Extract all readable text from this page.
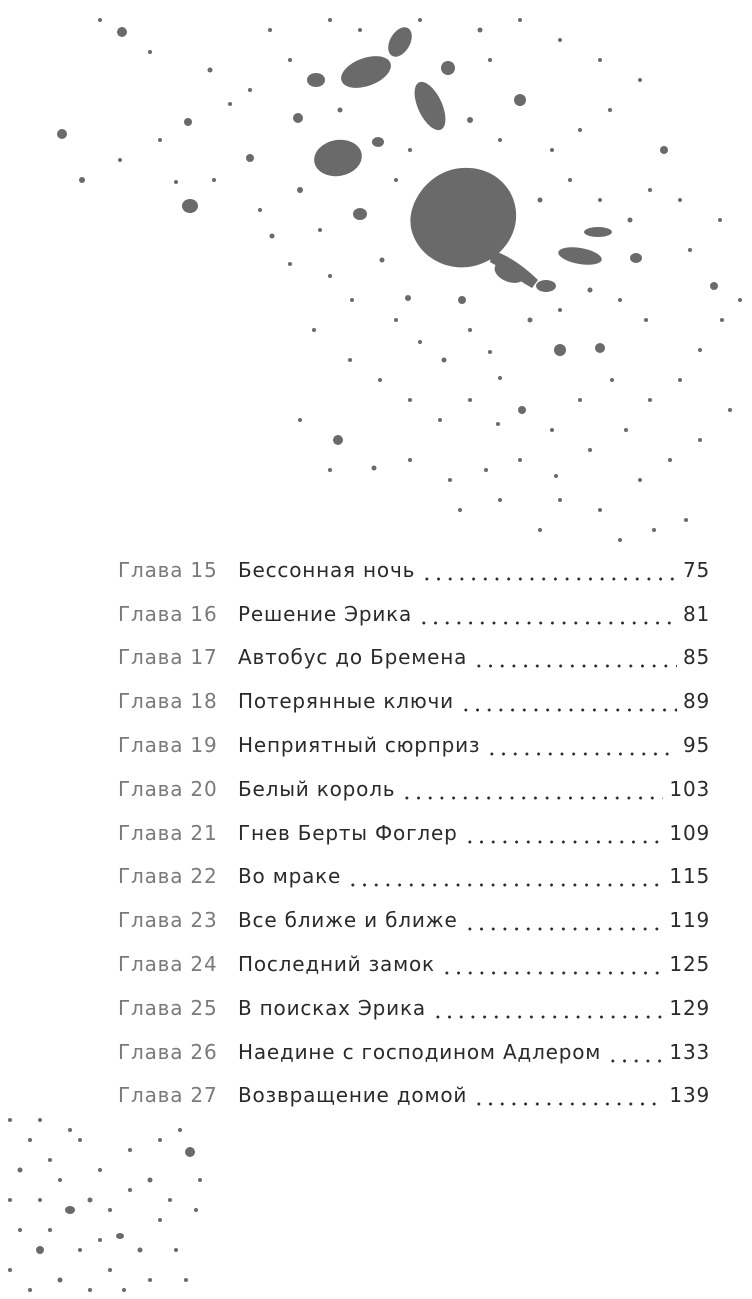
Глава 15	Бессонная ночь	75
Глава 16	Решение Эрика	81
Глава 17	Автобус до Бремена	85
Глава 18	Потерянные ключи	89
Глава 19	Неприятный сюрприз	95
Глава 20	Белый король	103
Глава 21	Гнев Берты Фоглер	109
Глава 22	Во мраке	115
Глава 23	Все ближе и ближе	119
Глава 24	Последний замок	125
Глава 25	В поисках Эрика	129
Глава 26	Наедине с господином Адлером	133
Глава 27	Возвращение домой	139
